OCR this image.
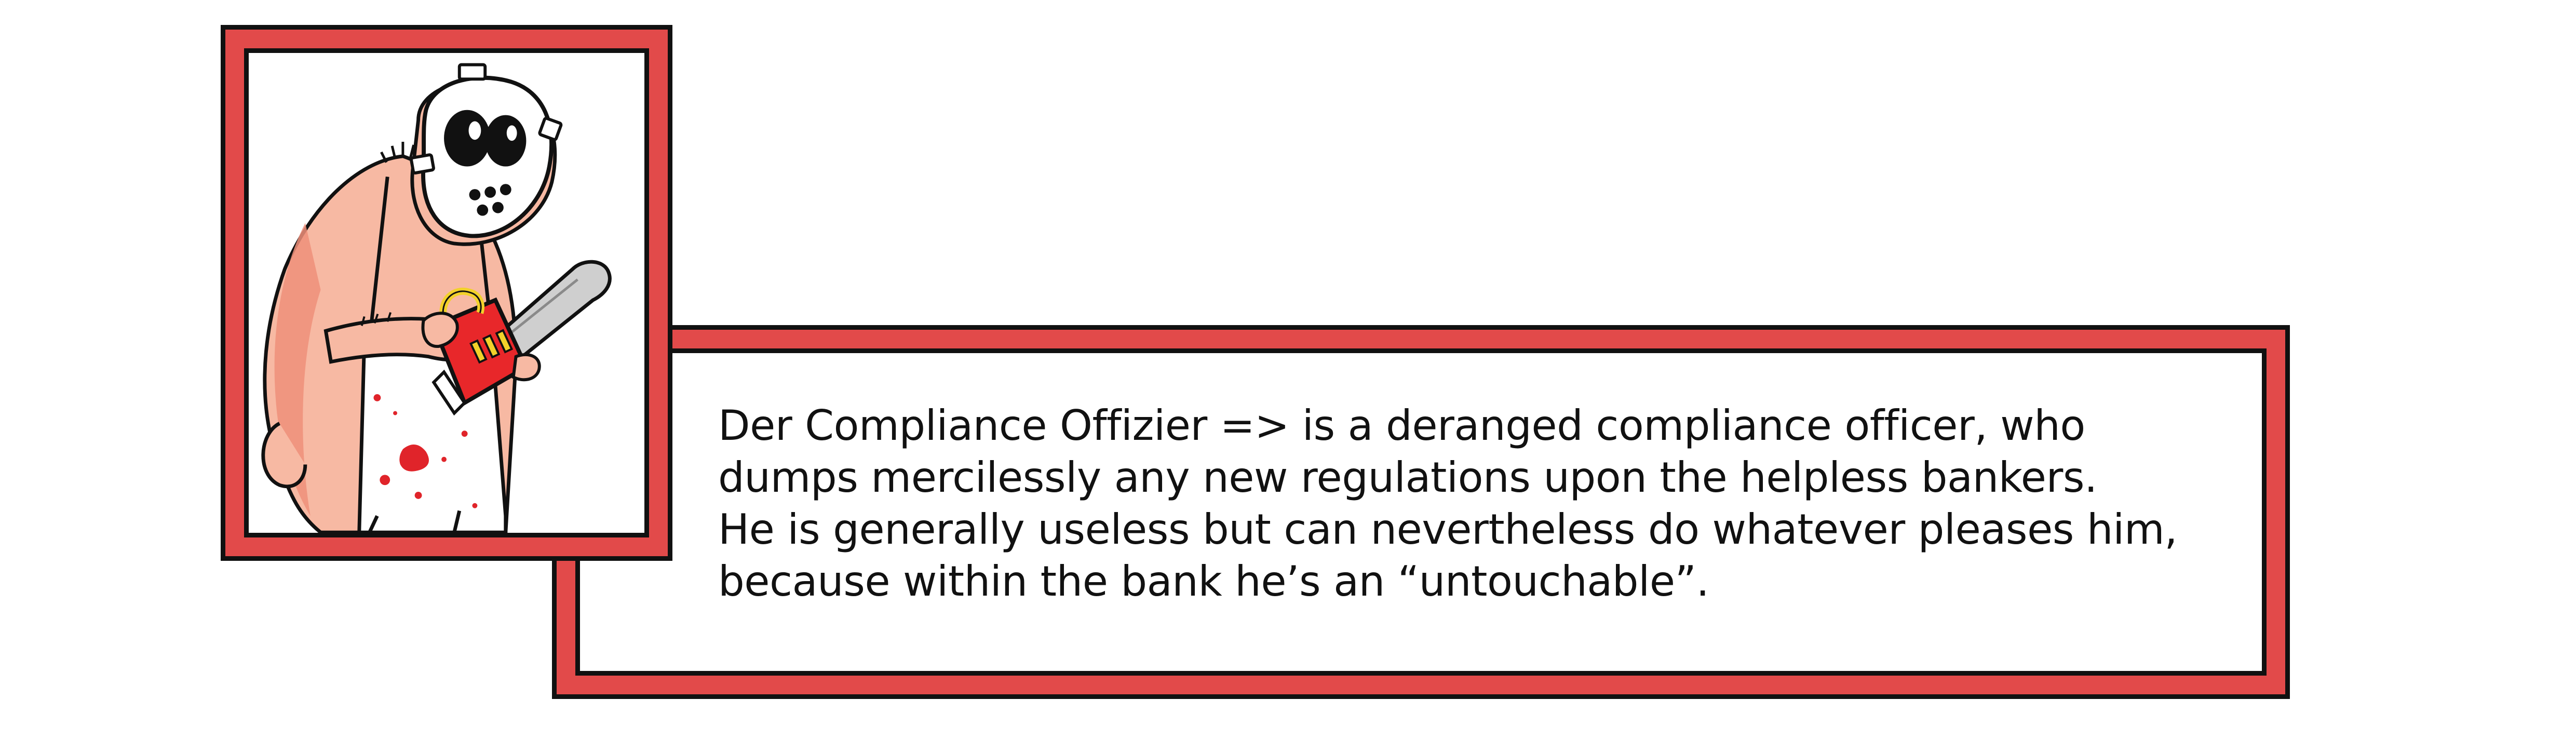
Der Compliance Offizier => is a deranged compliance officer, who
dumps mercilessly any new regulations upon the helpless bankers.
He is generally useless but can nevertheless do whatever pleases him,
because within the bank he’s an “untouchable”.
